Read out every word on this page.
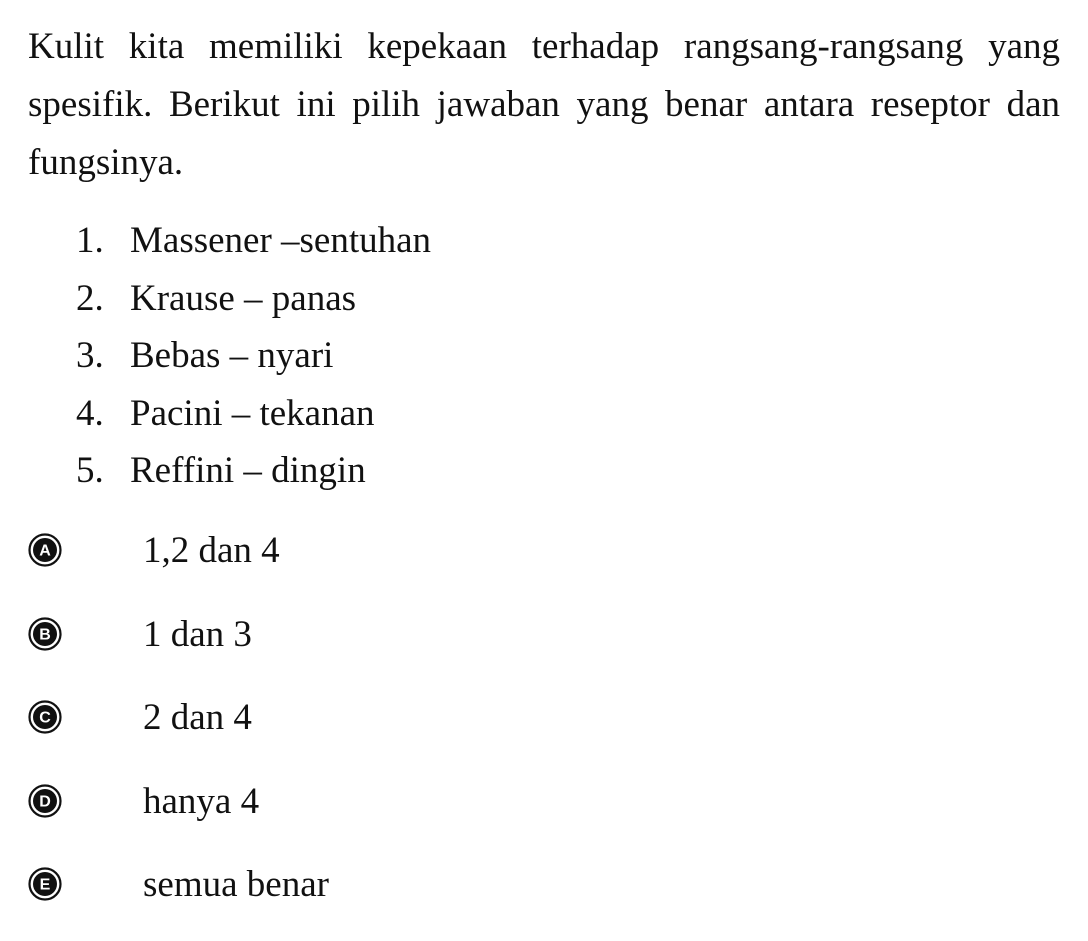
Kulit kita memiliki kepekaan terhadap rangsang-rangsang yang spesifik. Berikut ini pilih jawaban yang benar antara reseptor dan fungsinya.

1. Massener –sentuhan
2. Krause – panas
3. Bebas – nyari
4. Pacini – tekanan
5. Reffini – dingin
A 1,2 dan 4
B 1 dan 3
C 2 dan 4
D hanya 4
E	semua benar
